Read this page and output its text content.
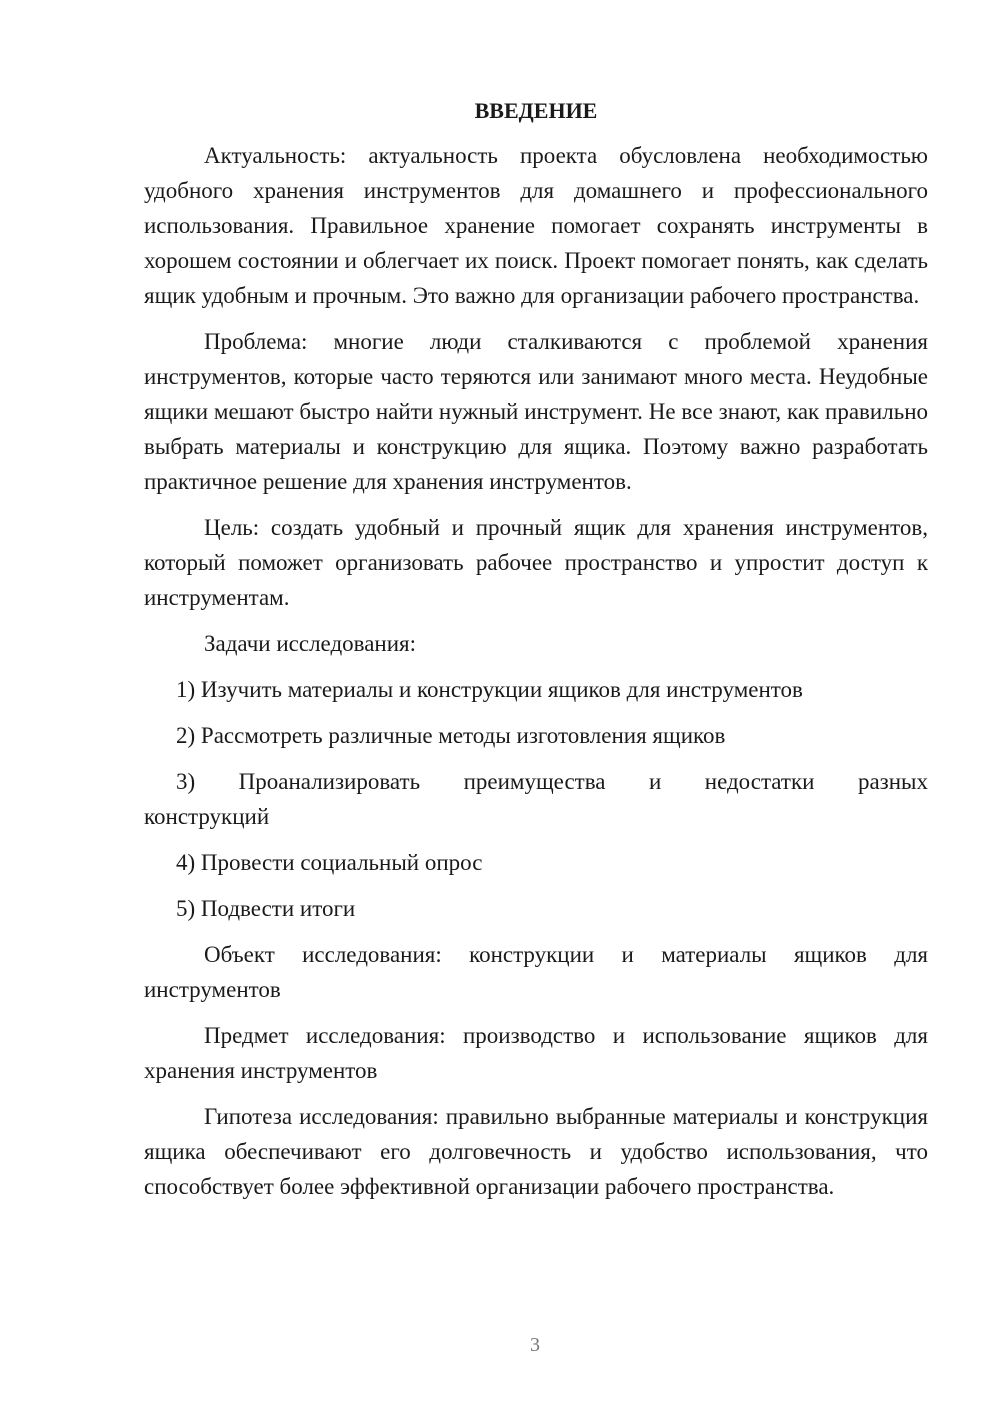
ВВЕДЕНИЕ

Актуальность: актуальность проекта обусловлена необходимостью удобного хранения инструментов для домашнего и профессионального использования. Правильное хранение помогает сохранять инструменты в хорошем состоянии и облегчает их поиск. Проект помогает понять, как сделать ящик удобным и прочным. Это важно для организации рабочего пространства.

Проблема: многие люди сталкиваются с проблемой хранения инструментов, которые часто теряются или занимают много места. Неудобные ящики мешают быстро найти нужный инструмент. Не все знают, как правильно выбрать материалы и конструкцию для ящика. Поэтому важно разработать практичное решение для хранения инструментов.

Цель: создать удобный и прочный ящик для хранения инструментов, который поможет организовать рабочее пространство и упростит доступ к инструментам.

Задачи исследования:

1) Изучить материалы и конструкции ящиков для инструментов
2) Рассмотреть различные методы изготовления ящиков
3) Проанализировать преимущества и недостатки разных
конструкций
4) Провести социальный опрос
5) Подвести итоги

Объект исследования: конструкции и материалы ящиков для инструментов

Предмет исследования: производство и использование ящиков для хранения инструментов

Гипотеза исследования: правильно выбранные материалы и конструкция ящика обеспечивают его долговечность и удобство использования, что способствует более эффективной организации рабочего пространства.

3
